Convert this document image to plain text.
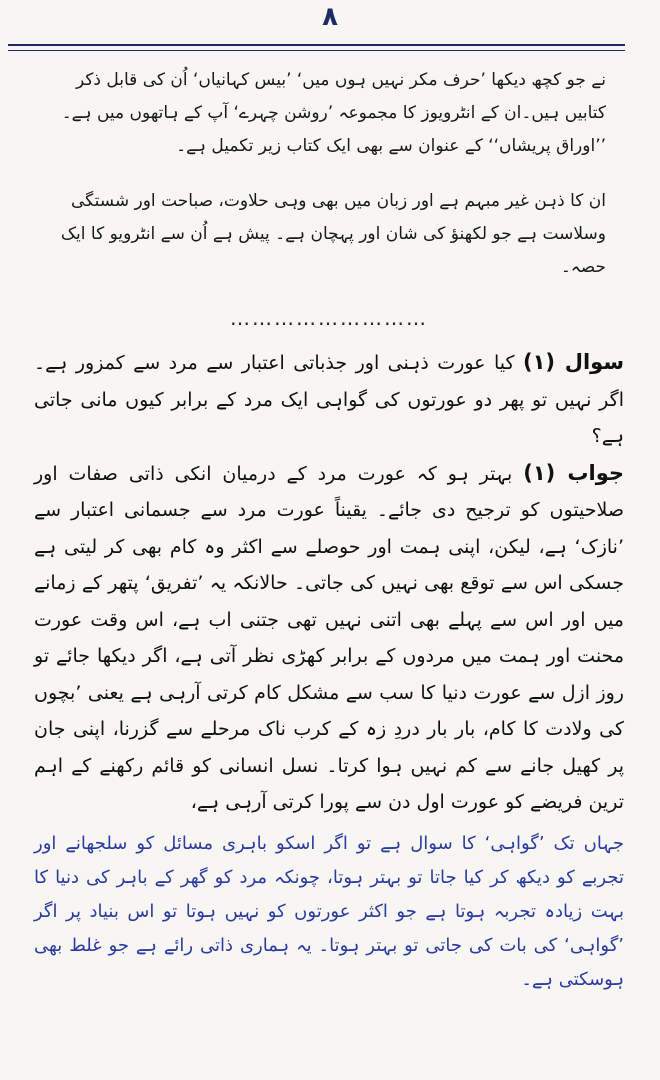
۸

نے جو کچھ دیکھا ’حرف مکر نہیں ہوں میں‘ ’بیس کہانیاں‘ اُن کی قابل ذکر کتابیں ہیں۔ان کے انٹرویوز کا مجموعہ ’روشن چہرے‘ آپ کے ہاتھوں میں ہے۔ ’’اوراق پریشاں‘‘ کے عنوان سے بھی ایک کتاب زیر تکمیل ہے۔

ان کا ذہن غیر مبہم ہے اور زبان میں بھی وہی حلاوت، صباحت اور شستگی وسلاست ہے جو لکھنؤ کی شان اور پہچان ہے۔ پیش ہے اُن سے انٹرویو کا ایک حصہ۔

………………………

سوال (۱) کیا عورت ذہنی اور جذباتی اعتبار سے مرد سے کمزور ہے۔ اگر نہیں تو پھر دو عورتوں کی گواہی ایک مرد کے برابر کیوں مانی جاتی ہے؟

جواب (۱) بہتر ہو کہ عورت مرد کے درمیان انکی ذاتی صفات اور صلاحیتوں کو ترجیح دی جائے۔ یقیناً عورت مرد سے جسمانی اعتبار سے ’نازک‘ ہے، لیکن، اپنی ہمت اور حوصلے سے اکثر وہ کام بھی کر لیتی ہے جسکی اس سے توقع بھی نہیں کی جاتی۔ حالانکہ یہ ’تفریق‘ پتھر کے زمانے میں اور اس سے پہلے بھی اتنی نہیں تھی جتنی اب ہے، اس وقت عورت محنت اور ہمت میں مردوں کے برابر کھڑی نظر آتی ہے، اگر دیکھا جائے تو روز ازل سے عورت دنیا کا سب سے مشکل کام کرتی آرہی ہے یعنی ’بچوں کی ولادت کا کام، بار بار دردِ زہ کے کرب ناک مرحلے سے گزرنا، اپنی جان پر کھیل جانے سے کم نہیں ہوا کرتا۔ نسل انسانی کو قائم رکھنے کے اہم ترین فریضے کو عورت اول دن سے پورا کرتی آرہی ہے،

جہاں تک ’گواہی‘ کا سوال ہے تو اگر اسکو باہری مسائل کو سلجھانے اور تجربے کو دیکھ کر کیا جاتا تو بہتر ہوتا، چونکہ مرد کو گھر کے باہر کی دنیا کا بہت زیادہ تجربہ ہوتا ہے جو اکثر عورتوں کو نہیں ہوتا تو اس بنیاد پر اگر ’گواہی‘ کی بات کی جاتی تو بہتر ہوتا۔ یہ ہماری ذاتی رائے ہے جو غلط بھی ہوسکتی ہے۔
